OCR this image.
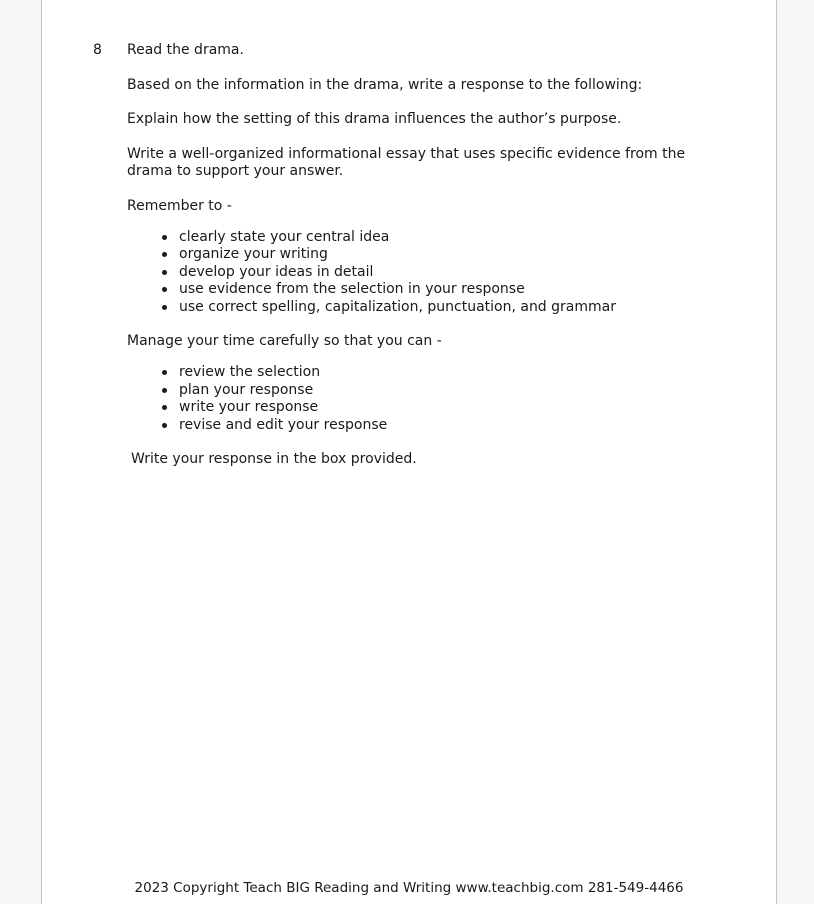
8 Read the drama.

Based on the information in the drama, write a response to the following:

Explain how the setting of this drama influences the author’s purpose.

Write a well-organized informational essay that uses specific evidence from the drama to support your answer.

Remember to -

clearly state your central idea
organize your writing
develop your ideas in detail
use evidence from the selection in your response
use correct spelling, capitalization, punctuation, and grammar

Manage your time carefully so that you can -

review the selection
plan your response
write your response
revise and edit your response

Write your response in the box provided.

2023 Copyright Teach BIG Reading and Writing www.teachbig.com 281-549-4466
